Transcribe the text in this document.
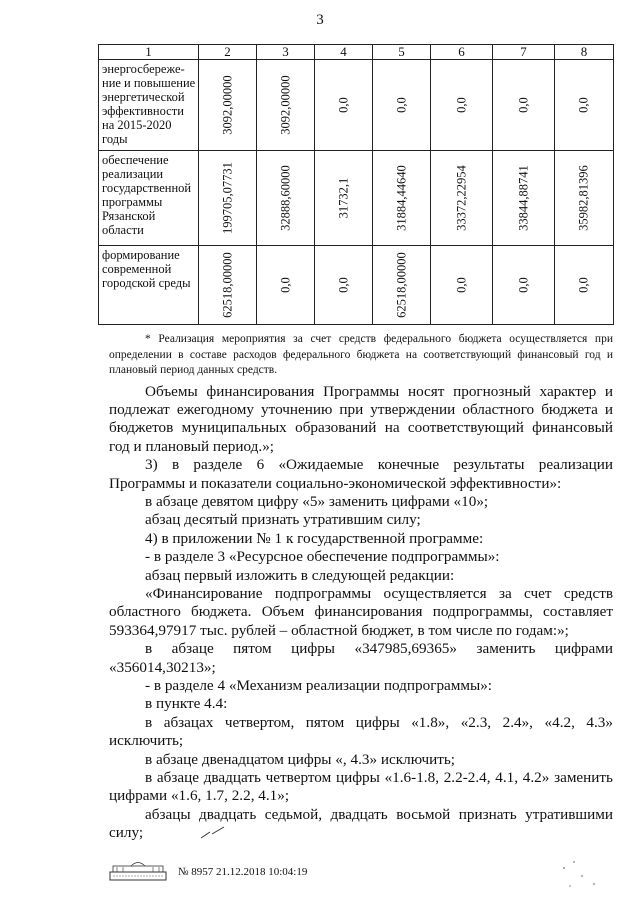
3
1	2	3	4	5	6	7	8
энергосбереже-ние и повышение энергетической эффективности на 2015-2020 годы	3092,00000	3092,00000	0,0	0,0	0,0	0,0	0,0

обеспечение реализации государственной программы Рязанской области	199705,07731	32888,60000	31732,1	31884,44640	33372,22954	33844,88741	35982,81396

формирование современной городской среды	62518,00000	0,0	0,0	62518,00000	0,0	0,0	0,0

* Реализация мероприятия за счет средств федерального бюджета осуществляется при определении в составе расходов федерального бюджета на соответствующий финансовый год и плановый период данных средств.

Объемы финансирования Программы носят прогнозный характер и подлежат ежегодному уточнению при утверждении областного бюджета и бюджетов муниципальных образований на соответствующий финансовый год и плановый период.»;

3) в разделе 6 «Ожидаемые конечные результаты реализации Программы и показатели социально-экономической эффективности»:

в абзаце девятом цифру «5» заменить цифрами «10»;

абзац десятый признать утратившим силу;

4) в приложении № 1 к государственной программе:

- в разделе 3 «Ресурсное обеспечение подпрограммы»:

абзац первый изложить в следующей редакции:

«Финансирование подпрограммы осуществляется за счет средств областного бюджета. Объем финансирования подпрограммы, составляет 593364,97917 тыс. рублей – областной бюджет, в том числе по годам:»;

в абзаце пятом цифры «347985,69365» заменить цифрами «356014,30213»;

- в разделе 4 «Механизм реализации подпрограммы»:

в пункте 4.4:

в абзацах четвертом, пятом цифры «1.8», «2.3, 2.4», «4.2, 4.3» исключить;

в абзаце двенадцатом цифры «, 4.3» исключить;

в абзаце двадцать четвертом цифры «1.6-1.8, 2.2-2.4, 4.1, 4.2» заменить цифрами «1.6, 1.7, 2.2, 4.1»;

абзацы двадцать седьмой, двадцать восьмой признать утратившими силу;

№ 8957 21.12.2018 10:04:19
